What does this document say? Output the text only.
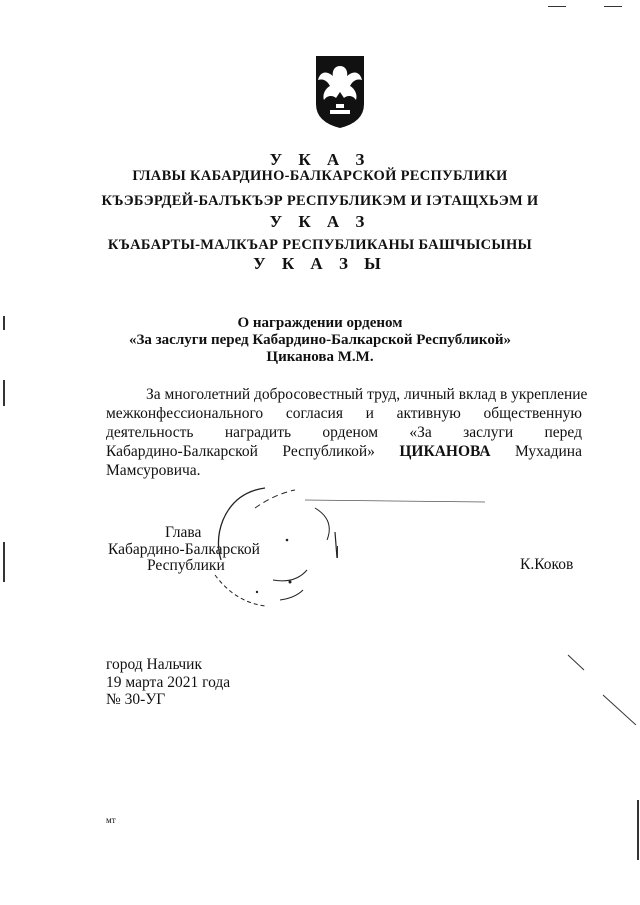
У К А З
ГЛАВЫ КАБАРДИНО-БАЛКАРСКОЙ РЕСПУБЛИКИ
КЪЭБЭРДЕЙ-БАЛЪКЪЭР РЕСПУБЛИКЭМ И ІЭТАЩХЬЭМ И
У К А З
КЪАБАРТЫ-МАЛКЪАР РЕСПУБЛИКАНЫ БАШЧЫСЫНЫ
У К А З Ы
О награждении орденом
«За заслуги перед Кабардино-Балкарской Республикой»
Циканова М.М.
За многолетний добросовестный труд, личный вклад в укрепление
межконфессионального согласия и активную общественную
деятельность наградить орденом «За заслуги перед
Кабардино-Балкарской Республикой» ЦИКАНОВА Мухадина
Мамсуровича.
Глава
Кабардино-Балкарской
Республики	К.Коков
город Нальчик
19 марта 2021 года
№ 30-УГ
мт
